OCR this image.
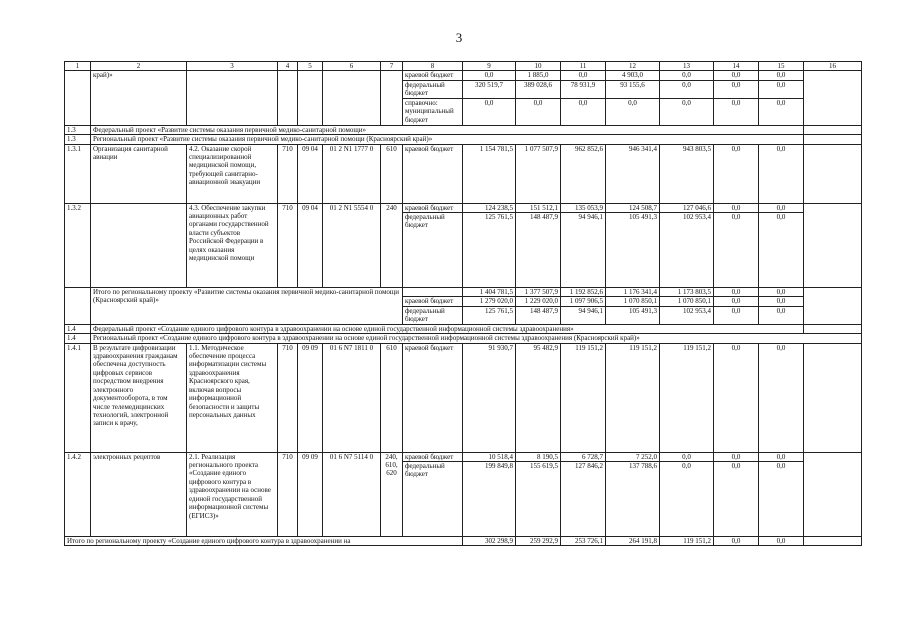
3
1	2	3	4	5	6	7	8	9	10	11	12	13	14	15	16
	край)»						краевой бюджет	0,0	1 885,0	0,0	4 903,0	0,0	0,0	0,0	
							федеральный бюджет	320 519,7	389 028,6	78 931,9	93 155,6	0,0	0,0	0,0	
							справочно: муниципальный бюджет	0,0	0,0	0,0	0,0	0,0	0,0	0,0	
1.3	Федеральный проект «Развитие системы оказания первичной медико-санитарной помощи»														
1.3	Региональный проект «Развитие системы оказания первичной медико-санитарной помощи (Красноярский край)»														
1.3.1	Организация санитарной авиации	4.2. Оказание скорой специализированной медицинской помощи, требующей санитарно-авиационной эвакуации	710	09 04	01 2 N1 1777 0	610	краевой бюджет	1 154 781,5	1 077 507,9	962 852,6	946 341,4	943 803,5	0,0	0,0	
1.3.2		4.3. Обеспечение закупки авиационных работ органами государственной власти субъектов Российской Федерации в целях оказания медицинской помощи	710	09 04	01 2 N1 5554 0	240	краевой бюджет	124 238,5	151 512,1	135 053,9	124 508,7	127 046,6	0,0	0,0	
							федеральный бюджет	125 761,5	148 487,9	94 946,1	105 491,3	102 953,4	0,0	0,0	
	Итого по региональному проекту «Развитие системы оказания первичной медико-санитарной помощи (Красноярский край)»							1 404 781,5	1 377 507,9	1 192 852,6	1 176 341,4	1 173 803,5	0,0	0,0	
							краевой бюджет	1 279 020,0	1 229 020,0	1 097 906,5	1 070 850,1	1 070 850,1	0,0	0,0	
							федеральный бюджет	125 761,5	148 487,9	94 946,1	105 491,3	102 953,4	0,0	0,0	
1.4	Федеральный проект «Создание единого цифрового контура в здравоохранении на основе единой государственной информационной системы здравоохранения»														
1.4	Региональный проект «Создание единого цифрового контура в здравоохранении на основе единой государственной информационной системы здравоохранения (Красноярский край)»														
1.4.1	В результате цифровизации здравоохранения гражданам обеспечена доступность цифровых сервисов посредством внедрения электронного документооборота, в том числе телемедицинских технологий, электронной записи к врачу,	1.1. Методическое обеспечение процесса информатизации системы здравоохранения Красноярского края, включая вопросы информационной безопасности и защиты персональных данных	710	09 09	01 6 N7 1811 0	610	краевой бюджет	91 930,7	95 482,9	119 151,2	119 151,2	119 151,2	0,0	0,0	
1.4.2	электронных рецептов	2.1. Реализация регионального проекта «Создание единого цифрового контура в здравоохранении на основе единой государственной информационной системы (ЕГИСЗ)»	710	09 09	01 6 N7 5114 0	240, 610, 620	краевой бюджет	10 518,4	8 190,5	6 728,7	7 252,0	0,0	0,0	0,0	
							федеральный бюджет	199 849,8	155 619,5	127 846,2	137 788,6	0,0	0,0	0,0	
Итого по региональному проекту «Создание единого цифрового контура в здравоохранении на								302 298,9	259 292,9	253 726,1	264 191,8	119 151,2	0,0	0,0	
